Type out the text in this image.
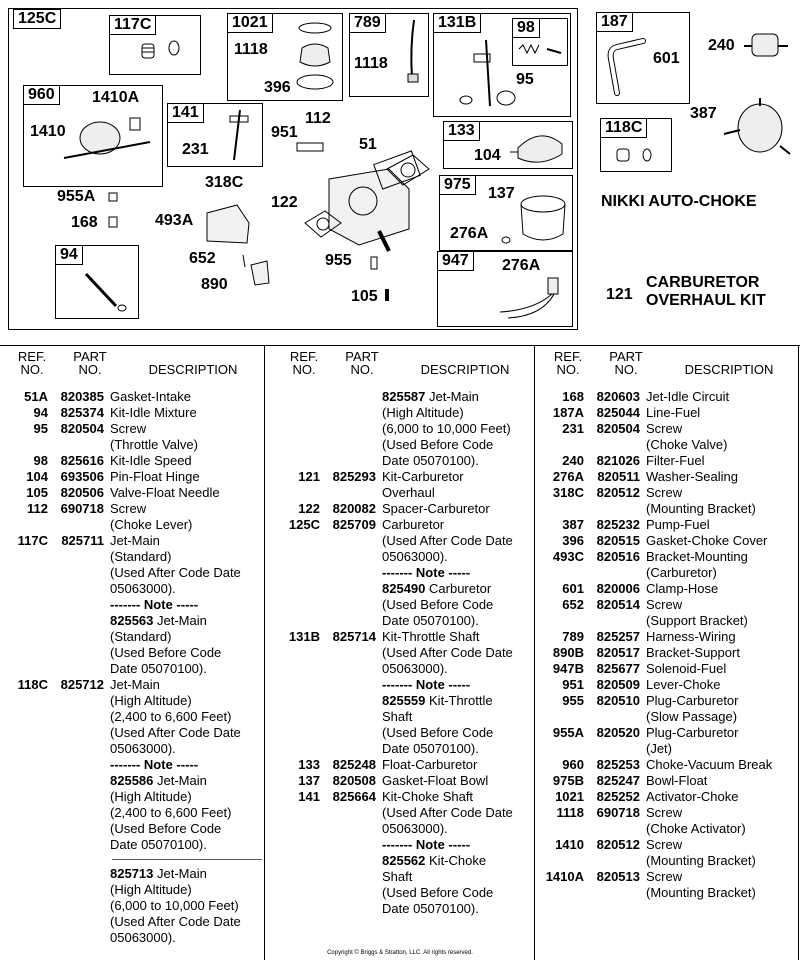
125C	117C	1021
1118
396
789
1118
131B	98
95
960	1410A
1410
141
231
951
112
51
133
104
975
137
276A
955A
168
318C
493A
122
94	652
890
955
105
947	276A
187
601
240
387
118C
NIKKI AUTO-CHOKE
121
CARBURETOR
OVERHAUL KIT
REF.
NO.
PART
NO.	DESCRIPTION
REF.
NO.
PART
NO.	DESCRIPTION
REF.
NO.
PART
NO.	DESCRIPTION
51A 820385 Gasket-Intake
94 825374 Kit-Idle Mixture
95 820504 Screw
(Throttle Valve)
98 825616 Kit-Idle Speed
104 693506 Pin-Float Hinge
105 820506 Valve-Float Needle
112 690718 Screw
(Choke Lever)
117C	825711 Jet-Main
(Standard)
(Used After Code Date
05063000).
------- Note -----
825563 Jet-Main
(Standard)
(Used Before Code
Date 05070100).
118C 825712 Jet-Main
(High Altitude)
(2,400 to 6,600 Feet)
(Used After Code Date
05063000).
------- Note -----
825586 Jet-Main
(High Altitude)
(2,400 to 6,600 Feet)
(Used Before Code
Date 05070100).
825713 Jet-Main
(High Altitude)
(6,000 to 10,000 Feet)
(Used After Code Date
05063000).
825587 Jet-Main
(High Altitude)
(6,000 to 10,000 Feet)
(Used Before Code
Date 05070100).
121 825293 Kit-Carburetor
Overhaul
122 820082 Spacer-Carburetor
125C 825709 Carburetor
(Used After Code Date
05063000).
------- Note -----
825490 Carburetor
(Used Before Code
Date 05070100).
131B 825714 Kit-Throttle Shaft
(Used After Code Date
05063000).
------- Note -----
825559 Kit-Throttle
Shaft
(Used Before Code
Date 05070100).
133 825248 Float-Carburetor
137 820508 Gasket-Float Bowl
141 825664 Kit-Choke Shaft
(Used After Code Date
05063000).
------- Note -----
825562 Kit-Choke
Shaft
(Used Before Code
Date 05070100).
168 820603 Jet-Idle Circuit
187A 825044 Line-Fuel
231 820504 Screw
(Choke Valve)
240 821026 Filter-Fuel
276A	820511 Washer-Sealing
318C 820512 Screw
(Mounting Bracket)
387 825232 Pump-Fuel
396 820515 Gasket-Choke Cover
493C 820516 Bracket-Mounting
(Carburetor)
601 820006 Clamp-Hose
652 820514 Screw
(Support Bracket)
789 825257 Harness-Wiring
890B 820517 Bracket-Support
947B 825677 Solenoid-Fuel
951 820509 Lever-Choke
955 820510 Plug-Carburetor
(Slow Passage)
955A 820520 Plug-Carburetor
(Jet)
960 825253 Choke-Vacuum Break
975B 825247 Bowl-Float
1021 825252 Activator-Choke
1118 690718 Screw
(Choke Activator)
1410 820512 Screw
(Mounting Bracket)
1410A 820513 Screw
(Mounting Bracket)
Copyright © Briggs & Stratton, LLC. All rights reserved.
